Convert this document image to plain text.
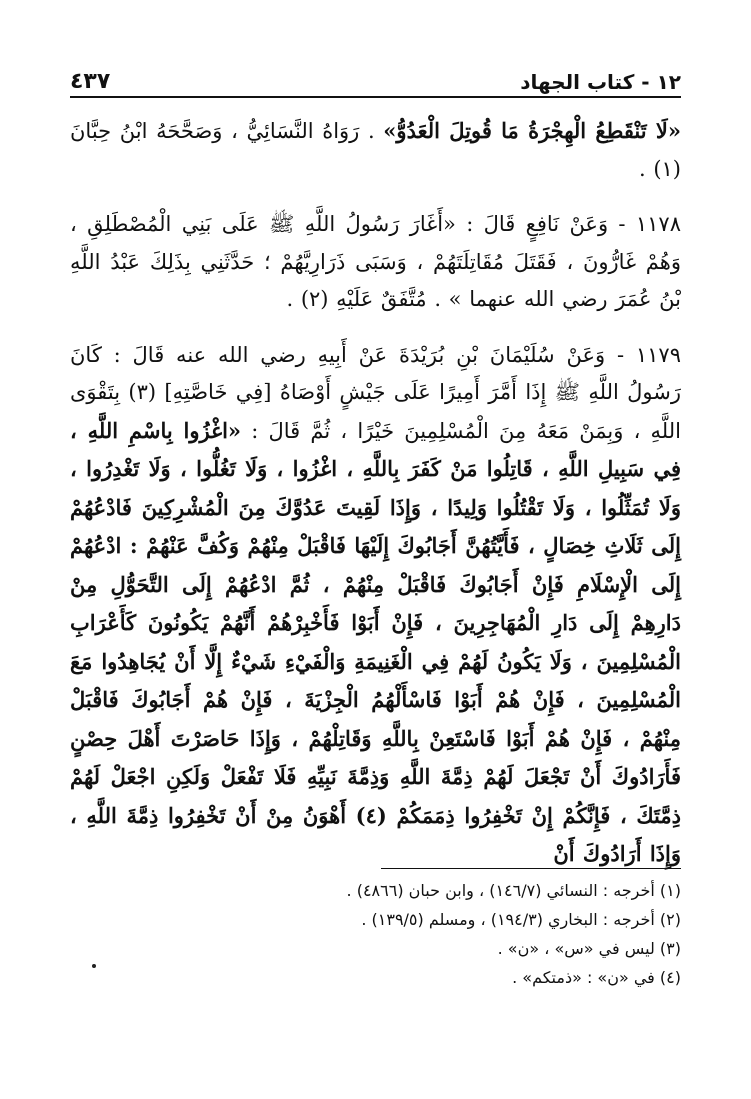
١٢ - كتاب الجهاد
٤٣٧

«لَا تَنْقَطِعُ الْهِجْرَةُ مَا قُوتِلَ الْعَدُوُّ» . رَوَاهُ النَّسَائِيُّ ، وَصَحَّحَهُ ابْنُ حِبَّانَ (١) .

١١٧٨ - وَعَنْ نَافِعٍ قَالَ : «أَغَارَ رَسُولُ اللَّهِ ﷺ عَلَى بَنِي الْمُصْطَلِقِ ، وَهُمْ غَارُّونَ ، فَقَتَلَ مُقَاتِلَتَهُمْ ، وَسَبَى ذَرَارِيَّهُمْ ؛ حَدَّثَنِي بِذَلِكَ عَبْدُ اللَّهِ بْنُ عُمَرَ رضي الله عنهما » . مُتَّفَقٌ عَلَيْهِ (٢) .

١١٧٩ - وَعَنْ سُلَيْمَانَ بْنِ بُرَيْدَةَ عَنْ أَبِيهِ رضي الله عنه قَالَ : كَانَ رَسُولُ اللَّهِ ﷺ إِذَا أَمَّرَ أَمِيرًا عَلَى جَيْشٍ أَوْصَاهُ [فِي خَاصَّتِهِ] (٣) بِتَقْوَى اللَّهِ ، وَبِمَنْ مَعَهُ مِنَ الْمُسْلِمِينَ خَيْرًا ، ثُمَّ قَالَ : «اغْزُوا بِاسْمِ اللَّهِ ، فِي سَبِيلِ اللَّهِ ، قَاتِلُوا مَنْ كَفَرَ بِاللَّهِ ، اغْزُوا ، وَلَا تَغُلُّوا ، وَلَا تَغْدِرُوا ، وَلَا تُمَثِّلُوا ، وَلَا تَقْتُلُوا وَلِيدًا ، وَإِذَا لَقِيتَ عَدُوَّكَ مِنَ الْمُشْرِكِينَ فَادْعُهُمْ إِلَى ثَلَاثِ خِصَالٍ ، فَأَيَّتُهُنَّ أَجَابُوكَ إِلَيْهَا فَاقْبَلْ مِنْهُمْ وَكُفَّ عَنْهُمْ : ادْعُهُمْ إِلَى الْإِسْلَامِ فَإِنْ أَجَابُوكَ فَاقْبَلْ مِنْهُمْ ، ثُمَّ ادْعُهُمْ إِلَى التَّحَوُّلِ مِنْ دَارِهِمْ إِلَى دَارِ الْمُهَاجِرِينَ ، فَإِنْ أَبَوْا فَأَخْبِرْهُمْ أَنَّهُمْ يَكُونُونَ كَأَعْرَابِ الْمُسْلِمِينَ ، وَلَا يَكُونُ لَهُمْ فِي الْغَنِيمَةِ وَالْفَيْءِ شَيْءٌ إِلَّا أَنْ يُجَاهِدُوا مَعَ الْمُسْلِمِينَ ، فَإِنْ هُمْ أَبَوْا فَاسْأَلْهُمُ الْجِزْيَةَ ، فَإِنْ هُمْ أَجَابُوكَ فَاقْبَلْ مِنْهُمْ ، فَإِنْ هُمْ أَبَوْا فَاسْتَعِنْ بِاللَّهِ وَقَاتِلْهُمْ ، وَإِذَا حَاصَرْتَ أَهْلَ حِصْنٍ فَأَرَادُوكَ أَنْ تَجْعَلَ لَهُمْ ذِمَّةَ اللَّهِ وَذِمَّةَ نَبِيِّهِ فَلَا تَفْعَلْ وَلَكِنِ اجْعَلْ لَهُمْ ذِمَّتَكَ ، فَإِنَّكُمْ إِنْ تَخْفِرُوا ذِمَمَكُمْ (٤) أَهْوَنُ مِنْ أَنْ تَخْفِرُوا ذِمَّةَ اللَّهِ ، وَإِذَا أَرَادُوكَ أَنْ

(١) أخرجه : النسائي (١٤٦/٧) ، وابن حبان (٤٨٦٦) .
(٢) أخرجه : البخاري (١٩٤/٣) ، ومسلم (١٣٩/٥) .
(٣) ليس في «س» ، «ن» .
(٤) في «ن» : «ذمتكم» .
